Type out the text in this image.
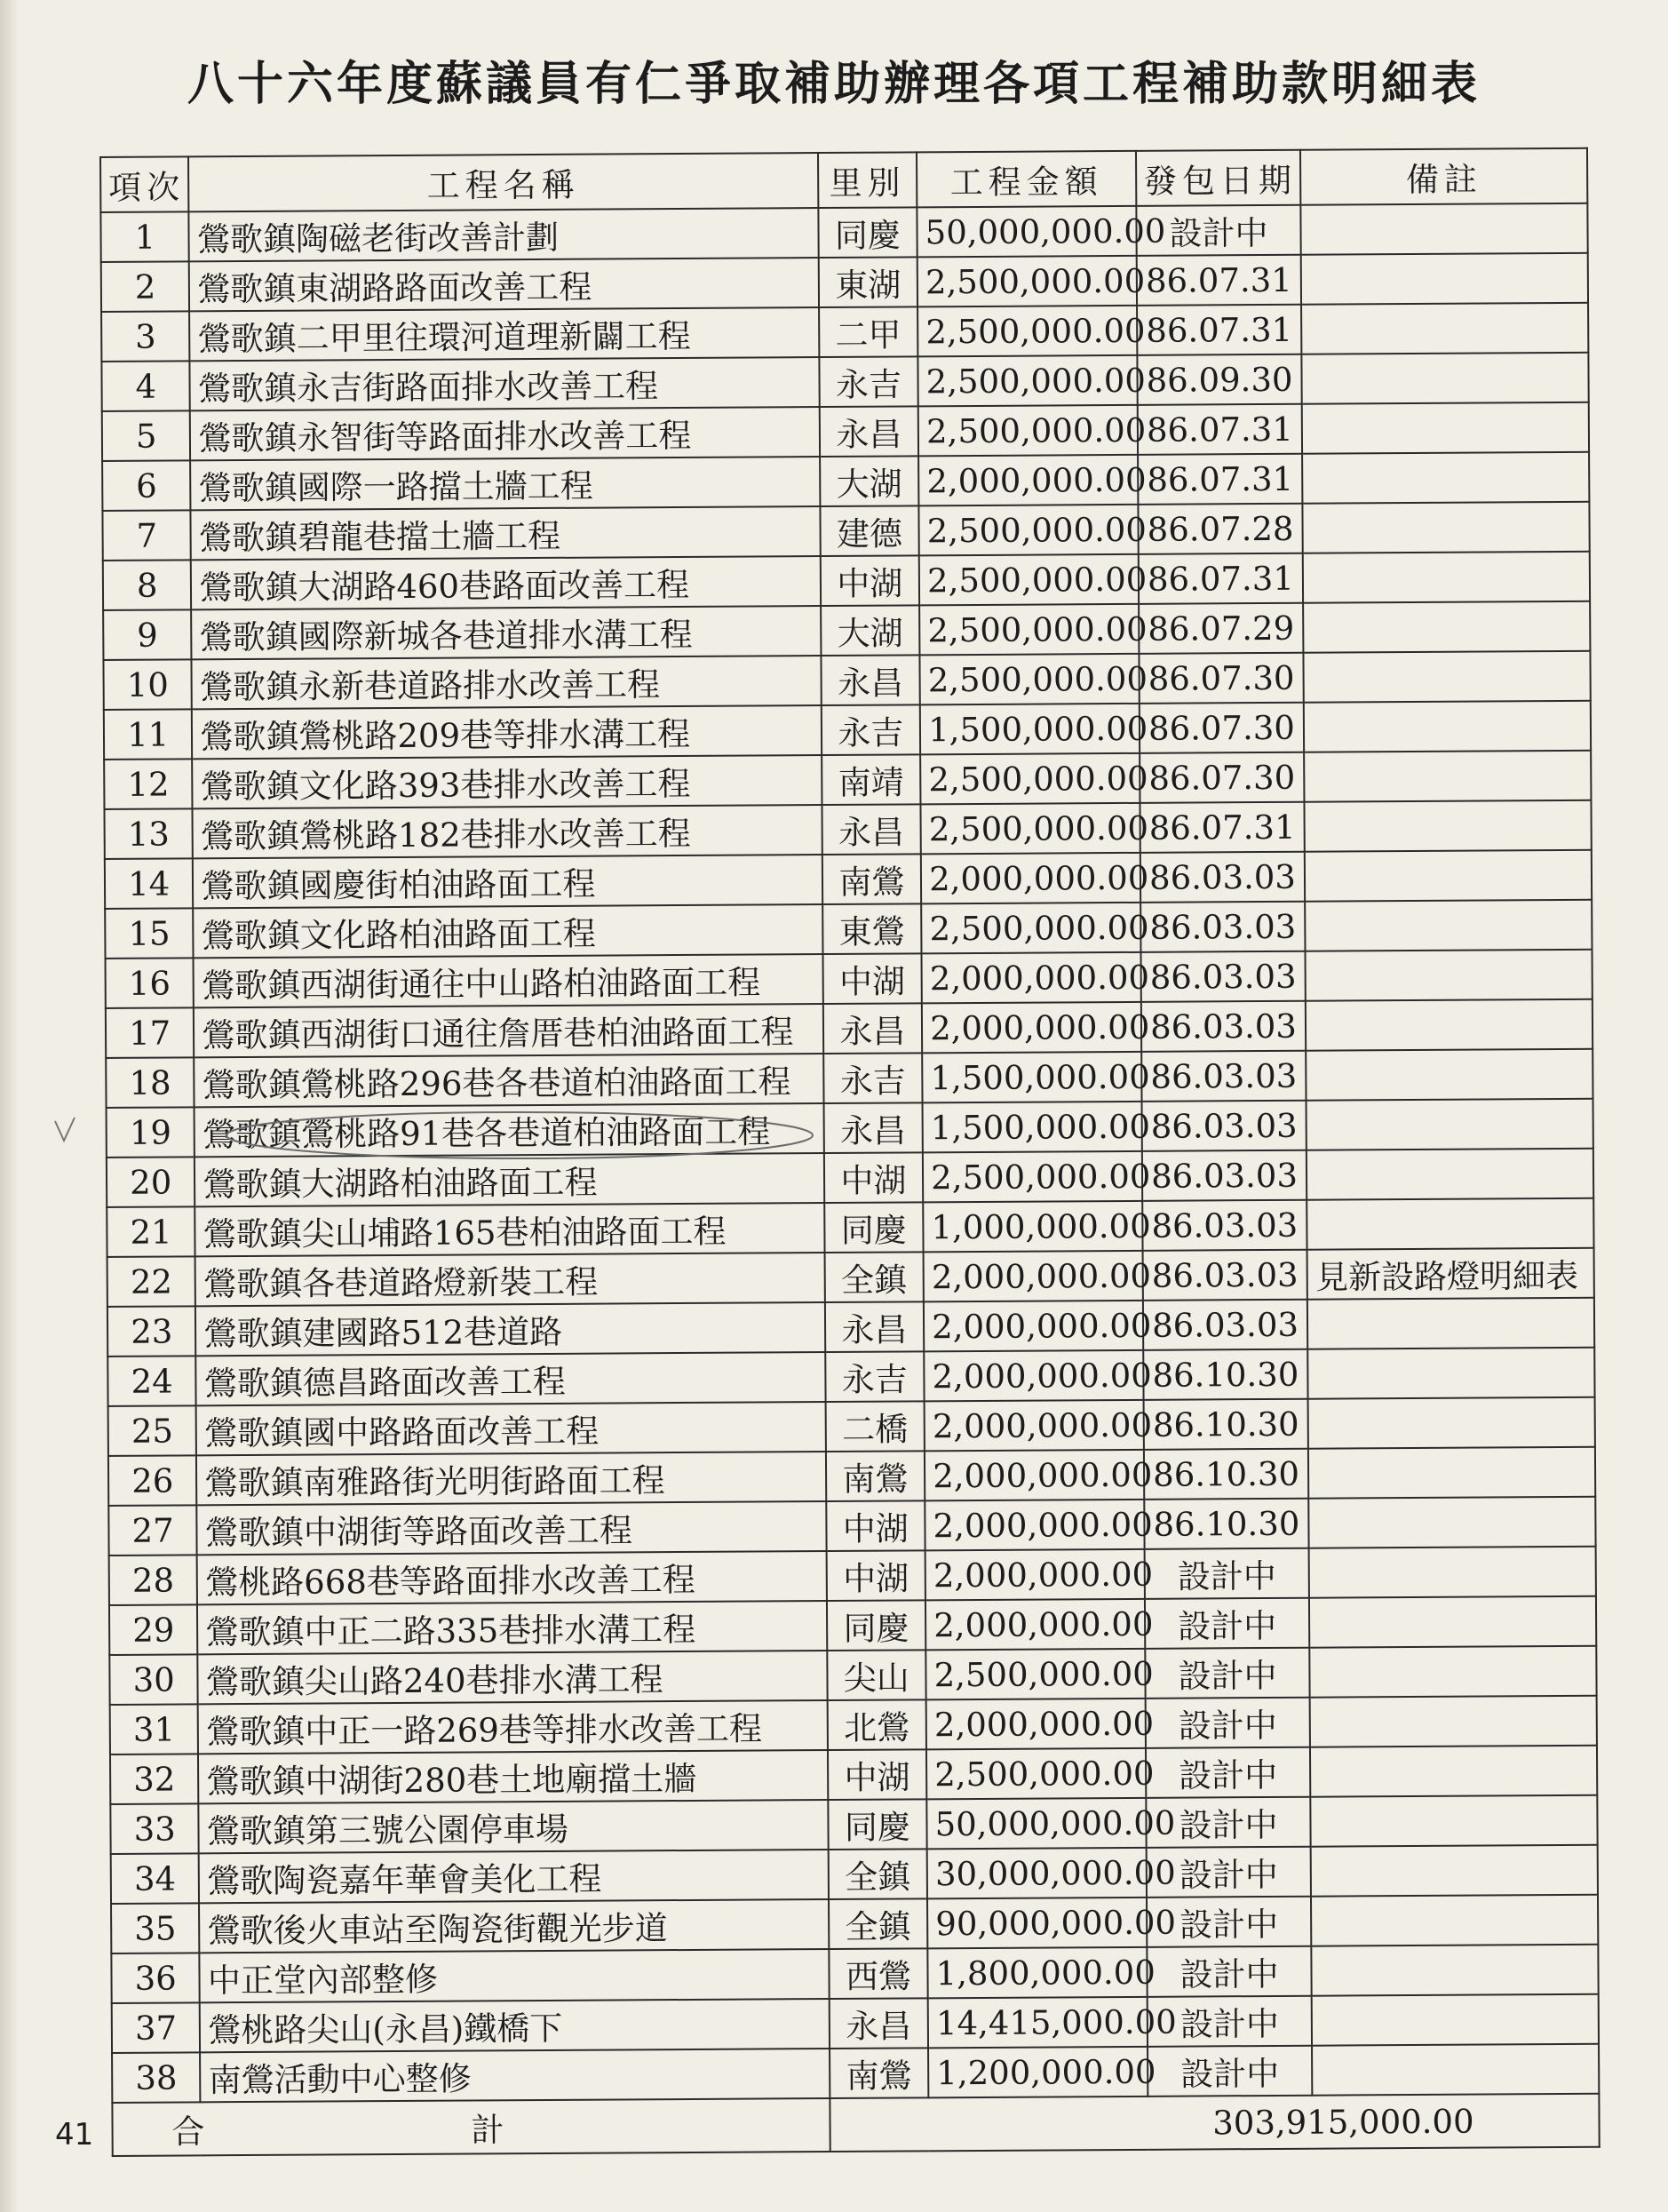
八十六年度蘇議員有仁爭取補助辦理各項工程補助款明細表
項次	工程名稱	里別	工程金額	發包日期	備註
1	鶯歌鎮陶磁老街改善計劃	同慶	50,000,000.00	設計中	
2	鶯歌鎮東湖路路面改善工程	東湖	2,500,000.00	86.07.31	
3	鶯歌鎮二甲里往環河道理新闢工程	二甲	2,500,000.00	86.07.31	
4	鶯歌鎮永吉街路面排水改善工程	永吉	2,500,000.00	86.09.30	
5	鶯歌鎮永智街等路面排水改善工程	永昌	2,500,000.00	86.07.31	
6	鶯歌鎮國際一路擋土牆工程	大湖	2,000,000.00	86.07.31	
7	鶯歌鎮碧龍巷擋土牆工程	建德	2,500,000.00	86.07.28	
8	鶯歌鎮大湖路460巷路面改善工程	中湖	2,500,000.00	86.07.31	
9	鶯歌鎮國際新城各巷道排水溝工程	大湖	2,500,000.00	86.07.29	
10	鶯歌鎮永新巷道路排水改善工程	永昌	2,500,000.00	86.07.30	
11	鶯歌鎮鶯桃路209巷等排水溝工程	永吉	1,500,000.00	86.07.30	
12	鶯歌鎮文化路393巷排水改善工程	南靖	2,500,000.00	86.07.30	
13	鶯歌鎮鶯桃路182巷排水改善工程	永昌	2,500,000.00	86.07.31	
14	鶯歌鎮國慶街柏油路面工程	南鶯	2,000,000.00	86.03.03	
15	鶯歌鎮文化路柏油路面工程	東鶯	2,500,000.00	86.03.03	
16	鶯歌鎮西湖街通往中山路柏油路面工程	中湖	2,000,000.00	86.03.03	
17	鶯歌鎮西湖街口通往詹厝巷柏油路面工程	永昌	2,000,000.00	86.03.03	
18	鶯歌鎮鶯桃路296巷各巷道柏油路面工程	永吉	1,500,000.00	86.03.03	
19	鶯歌鎮鶯桃路91巷各巷道柏油路面工程	永昌	1,500,000.00	86.03.03	
20	鶯歌鎮大湖路柏油路面工程	中湖	2,500,000.00	86.03.03	
21	鶯歌鎮尖山埔路165巷柏油路面工程	同慶	1,000,000.00	86.03.03	
22	鶯歌鎮各巷道路燈新裝工程	全鎮	2,000,000.00	86.03.03	見新設路燈明細表
23	鶯歌鎮建國路512巷道路	永昌	2,000,000.00	86.03.03	
24	鶯歌鎮德昌路面改善工程	永吉	2,000,000.00	86.10.30	
25	鶯歌鎮國中路路面改善工程	二橋	2,000,000.00	86.10.30	
26	鶯歌鎮南雅路街光明街路面工程	南鶯	2,000,000.00	86.10.30	
27	鶯歌鎮中湖街等路面改善工程	中湖	2,000,000.00	86.10.30	
28	鶯桃路668巷等路面排水改善工程	中湖	2,000,000.00	設計中	
29	鶯歌鎮中正二路335巷排水溝工程	同慶	2,000,000.00	設計中	
30	鶯歌鎮尖山路240巷排水溝工程	尖山	2,500,000.00	設計中	
31	鶯歌鎮中正一路269巷等排水改善工程	北鶯	2,000,000.00	設計中	
32	鶯歌鎮中湖街280巷土地廟擋土牆	中湖	2,500,000.00	設計中	
33	鶯歌鎮第三號公園停車場	同慶	50,000,000.00	設計中	
34	鶯歌陶瓷嘉年華會美化工程	全鎮	30,000,000.00	設計中	
35	鶯歌後火車站至陶瓷街觀光步道	全鎮	90,000,000.00	設計中	
36	中正堂內部整修	西鶯	1,800,000.00	設計中	
37	鶯桃路尖山(永昌)鐵橋下	永昌	14,415,000.00	設計中	
38	南鶯活動中心整修	南鶯	1,200,000.00	設計中	
合計		303,915,000.00			
41
